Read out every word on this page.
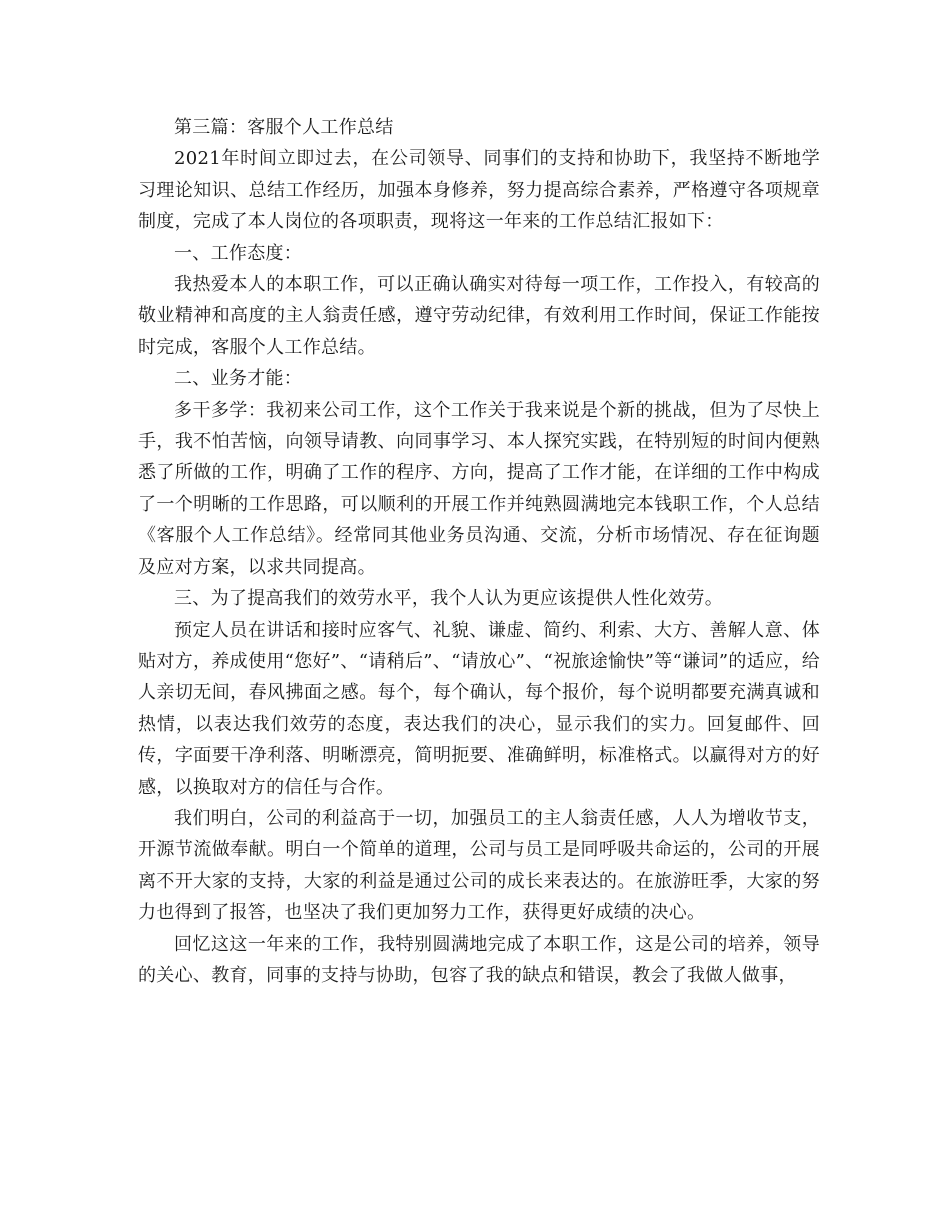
第三篇：客服个人工作总结

2021年时间立即过去，在公司领导、同事们的支持和协助下，我坚持不断地学习理论知识、总结工作经历，加强本身修养，努力提高综合素养，严格遵守各项规章制度，完成了本人岗位的各项职责，现将这一年来的工作总结汇报如下：

一、工作态度：

我热爱本人的本职工作，可以正确认确实对待每一项工作，工作投入，有较高的敬业精神和高度的主人翁责任感，遵守劳动纪律，有效利用工作时间，保证工作能按时完成，客服个人工作总结。

二、业务才能：

多干多学：我初来公司工作，这个工作关于我来说是个新的挑战，但为了尽快上手，我不怕苦恼，向领导请教、向同事学习、本人探究实践，在特别短的时间内便熟悉了所做的工作，明确了工作的程序、方向，提高了工作才能，在详细的工作中构成了一个明晰的工作思路，可以顺利的开展工作并纯熟圆满地完本钱职工作，个人总结《客服个人工作总结》。经常同其他业务员沟通、交流，分析市场情况、存在征询题及应对方案，以求共同提高。

三、为了提高我们的效劳水平，我个人认为更应该提供人性化效劳。

预定人员在讲话和接时应客气、礼貌、谦虚、简约、利索、大方、善解人意、体贴对方，养成使用“您好”、“请稍后”、“请放心”、“祝旅途愉快”等“谦词”的适应，给人亲切无间，春风拂面之感。每个，每个确认，每个报价，每个说明都要充满真诚和热情，以表达我们效劳的态度，表达我们的决心，显示我们的实力。回复邮件、回传，字面要干净利落、明晰漂亮，简明扼要、准确鲜明，标准格式。以赢得对方的好感，以换取对方的信任与合作。

我们明白，公司的利益高于一切，加强员工的主人翁责任感，人人为增收节支，开源节流做奉献。明白一个简单的道理，公司与员工是同呼吸共命运的，公司的开展离不开大家的支持，大家的利益是通过公司的成长来表达的。在旅游旺季，大家的努力也得到了报答，也坚决了我们更加努力工作，获得更好成绩的决心。

回忆这这一年来的工作，我特别圆满地完成了本职工作，这是公司的培养，领导的关心、教育，同事的支持与协助，包容了我的缺点和错误，教会了我做人做事，
